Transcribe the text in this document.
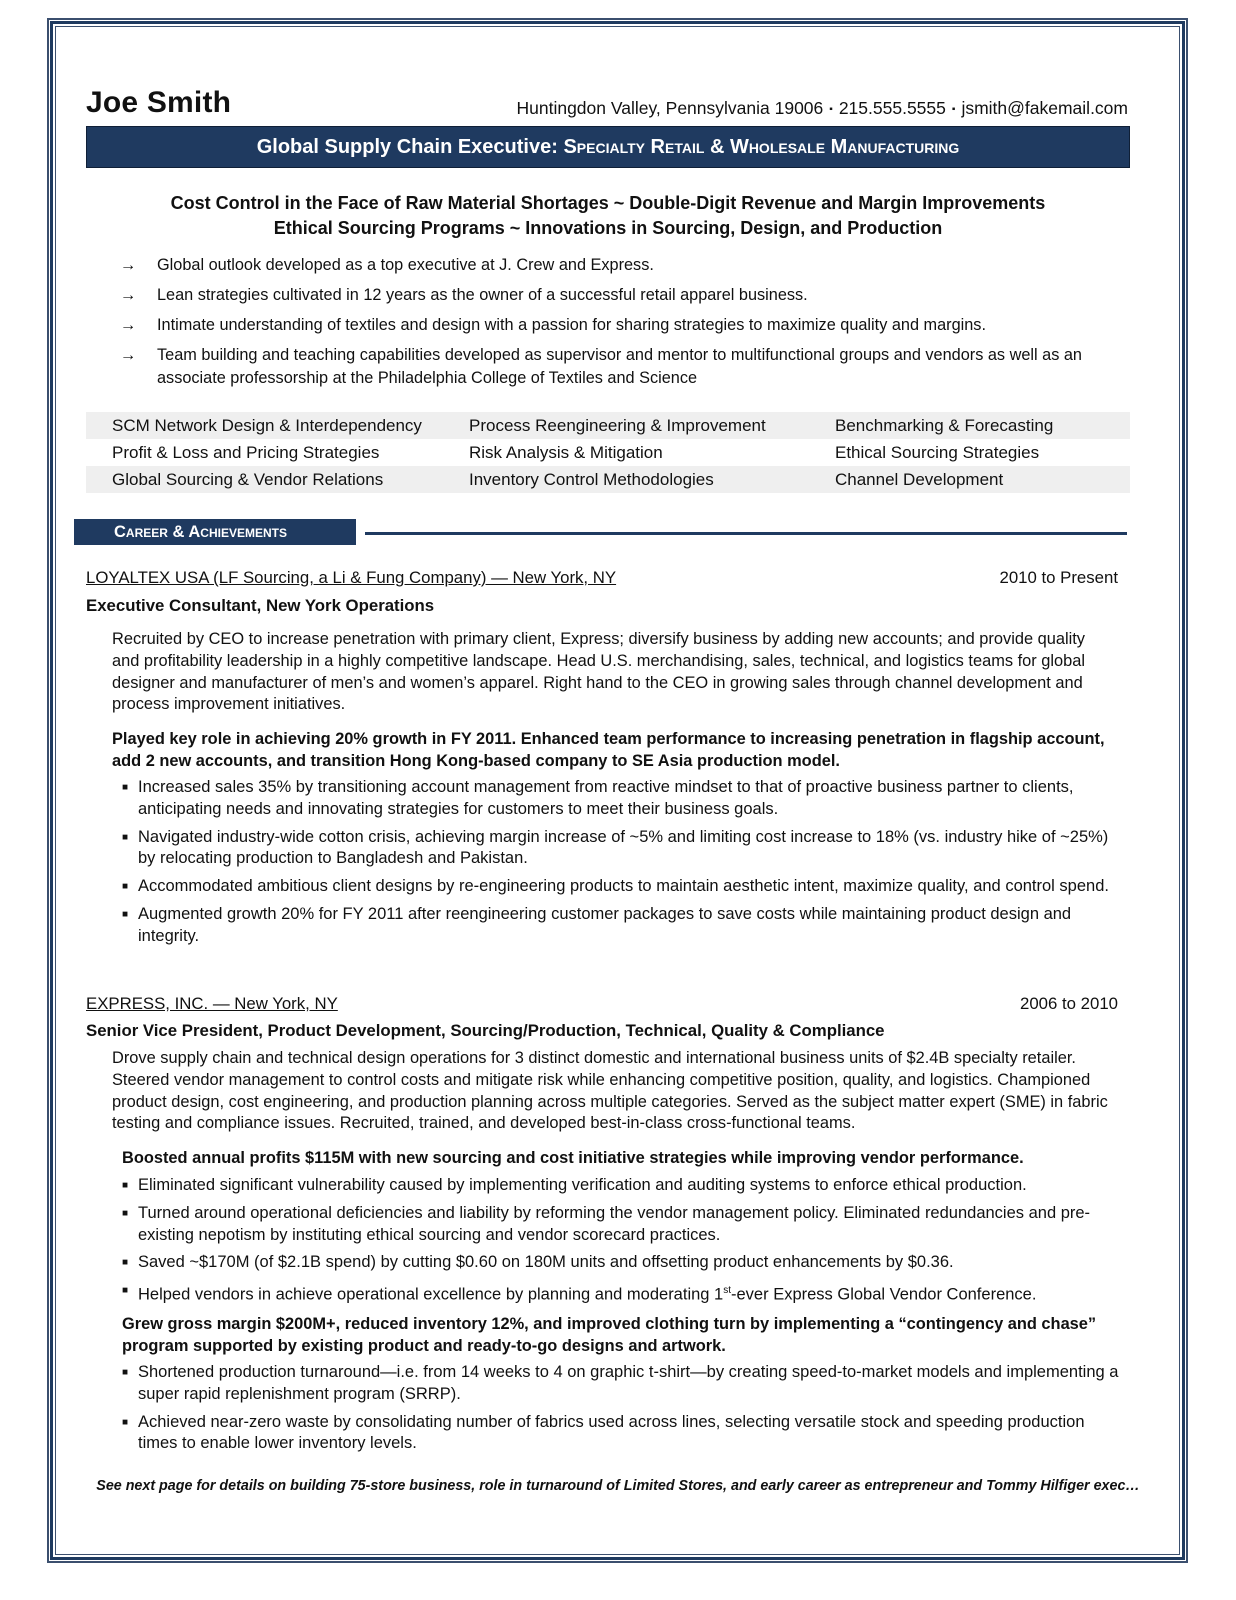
Joe Smith	Huntingdon Valley, Pennsylvania 19006 ▪ 215.555.5555 ▪ jsmith@fakemail.com
Global Supply Chain Executive: Specialty Retail & Wholesale Manufacturing
Cost Control in the Face of Raw Material Shortages ~ Double-Digit Revenue and Margin Improvements
Ethical Sourcing Programs ~ Innovations in Sourcing, Design, and Production
→ Global outlook developed as a top executive at J. Crew and Express.
→ Lean strategies cultivated in 12 years as the owner of a successful retail apparel business.
→ Intimate understanding of textiles and design with a passion for sharing strategies to maximize quality and margins.
→ Team building and teaching capabilities developed as supervisor and mentor to multifunctional groups and vendors as well as an associate professorship at the Philadelphia College of Textiles and Science
SCM Network Design & Interdependency	Process Reengineering & Improvement	Benchmarking & Forecasting
Profit & Loss and Pricing Strategies	Risk Analysis & Mitigation	Ethical Sourcing Strategies
Global Sourcing & Vendor Relations	Inventory Control Methodologies	Channel Development
Career & Achievements
LOYALTEX USA (LF Sourcing, a Li & Fung Company) — New York, NY	2010 to Present
Executive Consultant, New York Operations
Recruited by CEO to increase penetration with primary client, Express; diversify business by adding new accounts; and provide quality and profitability leadership in a highly competitive landscape. Head U.S. merchandising, sales, technical, and logistics teams for global designer and manufacturer of men’s and women’s apparel. Right hand to the CEO in growing sales through channel development and process improvement initiatives.
Played key role in achieving 20% growth in FY 2011. Enhanced team performance to increasing penetration in flagship account, add 2 new accounts, and transition Hong Kong-based company to SE Asia production model.
■ Increased sales 35% by transitioning account management from reactive mindset to that of proactive business partner to clients, anticipating needs and innovating strategies for customers to meet their business goals.
■ Navigated industry-wide cotton crisis, achieving margin increase of ~5% and limiting cost increase to 18% (vs. industry hike of ~25%) by relocating production to Bangladesh and Pakistan.
■ Accommodated ambitious client designs by re-engineering products to maintain aesthetic intent, maximize quality, and control spend.
■ Augmented growth 20% for FY 2011 after reengineering customer packages to save costs while maintaining product design and integrity.
EXPRESS, INC. — New York, NY	2006 to 2010
Senior Vice President, Product Development, Sourcing/Production, Technical, Quality & Compliance
Drove supply chain and technical design operations for 3 distinct domestic and international business units of $2.4B specialty retailer. Steered vendor management to control costs and mitigate risk while enhancing competitive position, quality, and logistics. Championed product design, cost engineering, and production planning across multiple categories. Served as the subject matter expert (SME) in fabric testing and compliance issues. Recruited, trained, and developed best-in-class cross-functional teams.
Boosted annual profits $115M with new sourcing and cost initiative strategies while improving vendor performance.
■ Eliminated significant vulnerability caused by implementing verification and auditing systems to enforce ethical production.
■ Turned around operational deficiencies and liability by reforming the vendor management policy. Eliminated redundancies and pre-existing nepotism by instituting ethical sourcing and vendor scorecard practices.
■ Saved ~$170M (of $2.1B spend) by cutting $0.60 on 180M units and offsetting product enhancements by $0.36.
■ Helped vendors in achieve operational excellence by planning and moderating 1st-ever Express Global Vendor Conference.
Grew gross margin $200M+, reduced inventory 12%, and improved clothing turn by implementing a “contingency and chase” program supported by existing product and ready-to-go designs and artwork.
■ Shortened production turnaround—i.e. from 14 weeks to 4 on graphic t-shirt—by creating speed-to-market models and implementing a super rapid replenishment program (SRRP).
■ Achieved near-zero waste by consolidating number of fabrics used across lines, selecting versatile stock and speeding production times to enable lower inventory levels.
See next page for details on building 75-store business, role in turnaround of Limited Stores, and early career as entrepreneur and Tommy Hilfiger exec…
